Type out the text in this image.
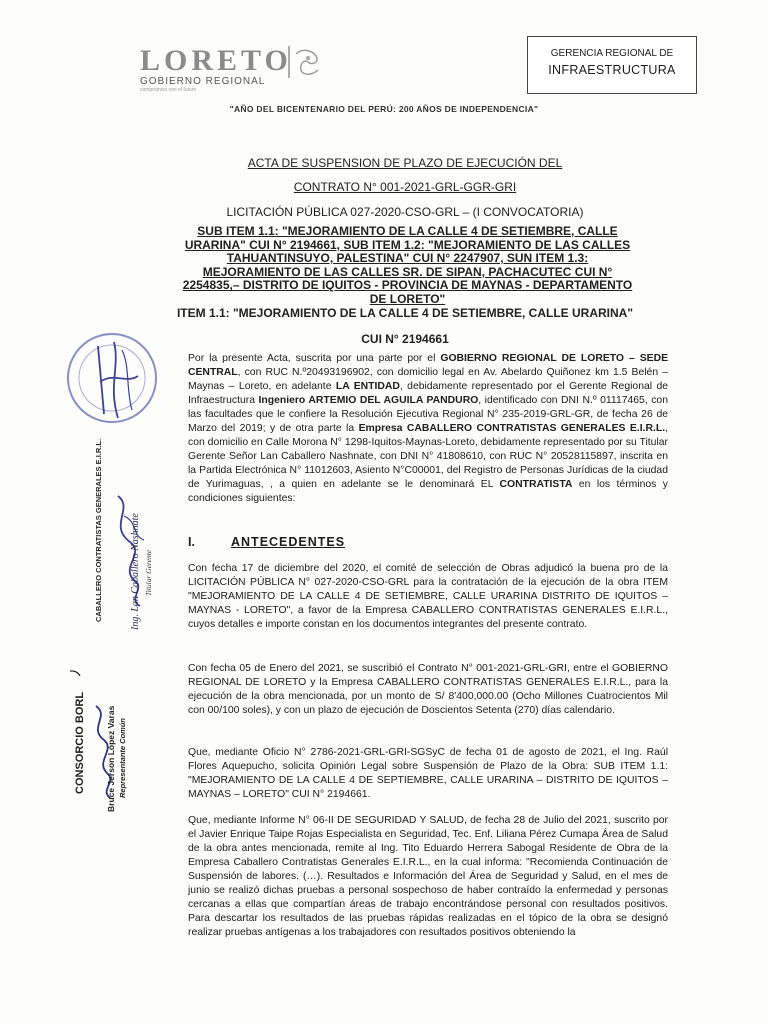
LORETO
GOBIERNO REGIONAL
compromiso con el futuro
GERENCIA REGIONAL DE
INFRAESTRUCTURA
"AÑO DEL BICENTENARIO DEL PERÚ: 200 AÑOS DE INDEPENDENCIA"
ACTA DE SUSPENSION DE PLAZO DE EJECUCIÓN DEL
CONTRATO N° 001-2021-GRL-GGR-GRI
LICITACIÓN PÚBLICA 027-2020-CSO-GRL – (I CONVOCATORIA)
SUB ITEM 1.1: "MEJORAMIENTO DE LA CALLE 4 DE SETIEMBRE, CALLE URARINA" CUI N° 2194661, SUB ITEM 1.2: "MEJORAMIENTO DE LAS CALLES TAHUANTINSUYO, PALESTINA" CUI N° 2247907, SUN ITEM 1.3: MEJORAMIENTO DE LAS CALLES SR. DE SIPAN, PACHACUTEC CUI N° 2254835,– DISTRITO DE IQUITOS - PROVINCIA DE MAYNAS - DEPARTAMENTO DE LORETO"
ITEM 1.1: "MEJORAMIENTO DE LA CALLE 4 DE SETIEMBRE, CALLE URARINA"
CUI N° 2194661
Por la presente Acta, suscrita por una parte por el GOBIERNO REGIONAL DE LORETO – SEDE CENTRAL, con RUC N.º20493196902, con domicilio legal en Av. Abelardo Quiñonez km 1.5 Belén – Maynas – Loreto, en adelante LA ENTIDAD, debidamente representado por el Gerente Regional de Infraestructura Ingeniero ARTEMIO DEL AGUILA PANDURO, identificado con DNI N.º 01117465, con las facultades que le confiere la Resolución Ejecutiva Regional N° 235-2019-GRL-GR, de fecha 26 de Marzo del 2019; y de otra parte la Empresa CABALLERO CONTRATISTAS GENERALES E.I.R.L., con domicilio en Calle Morona N° 1298-Iquitos-Maynas-Loreto, debidamente representado por su Titular Gerente Señor Lan Caballero Nashnate, con DNI N° 41808610, con RUC N° 20528115897, inscrita en la Partida Electrónica N° 11012603, Asiento N°C00001, del Registro de Personas Jurídicas de la ciudad de Yurimaguas, , a quien en adelante se le denominará EL CONTRATISTA en los términos y condiciones siguientes:
I.	ANTECEDENTES
Con fecha 17 de diciembre del 2020, el comité de selección de Obras adjudicó la buena pro de la LICITACIÓN PÚBLICA N° 027-2020-CSO-GRL para la contratación de la ejecución de la obra ITEM "MEJORAMIENTO DE LA CALLE 4 DE SETIEMBRE, CALLE URARINA DISTRITO DE IQUITOS – MAYNAS - LORETO", a favor de la Empresa CABALLERO CONTRATISTAS GENERALES E.I.R.L., cuyos detalles e importe constan en los documentos integrantes del presente contrato.
Con fecha 05 de Enero del 2021, se suscribió el Contrato N° 001-2021-GRL-GRI, entre el GOBIERNO REGIONAL DE LORETO y la Empresa CABALLERO CONTRATISTAS GENERALES E.I.R.L., para la ejecución de la obra mencionada, por un monto de S/ 8'400,000.00 (Ocho Millones Cuatrocientos Mil con 00/100 soles), y con un plazo de ejecución de Doscientos Setenta (270) días calendario.
Que, mediante Oficio N° 2786-2021-GRL-GRI-SGSyC de fecha 01 de agosto de 2021, el Ing. Raúl Flores Aquepucho, solicita Opinión Legal sobre Suspensión de Plazo de la Obra: SUB ITEM 1.1: "MEJORAMIENTO DE LA CALLE 4 DE SEPTIEMBRE, CALLE URARINA – DISTRITO DE IQUITOS – MAYNAS – LORETO" CUI N° 2194661.
Que, mediante Informe N° 06-II DE SEGURIDAD Y SALUD, de fecha 28 de Julio del 2021, suscrito por el Javier Enrique Taipe Rojas Especialista en Seguridad, Tec. Enf. Liliana Pérez Cumapa Área de Salud de la obra antes mencionada, remite al Ing. Tito Eduardo Herrera Sabogal Residente de Obra de la Empresa Caballero Contratistas Generales E.I.R.L., en la cual informa: "Recomienda Continuación de Suspensión de labores. (…). Resultados e Información del Área de Seguridad y Salud, en el mes de junio se realizó dichas pruebas a personal sospechoso de haber contraído la enfermedad y personas cercanas a ellas que compartían áreas de trabajo encontrándose personal con resultados positivos. Para descartar los resultados de las pruebas rápidas realizadas en el tópico de la obra se designó realizar pruebas antígenas a los trabajadores con resultados positivos obteniendo la
CABALLERO CONTRATISTAS GENERALES E.I.R.L.	Ing. Lan Caballero Nashnate Titular Gerente
CONSORCIO BORL Bruce Jerson López Varas Representante Común
